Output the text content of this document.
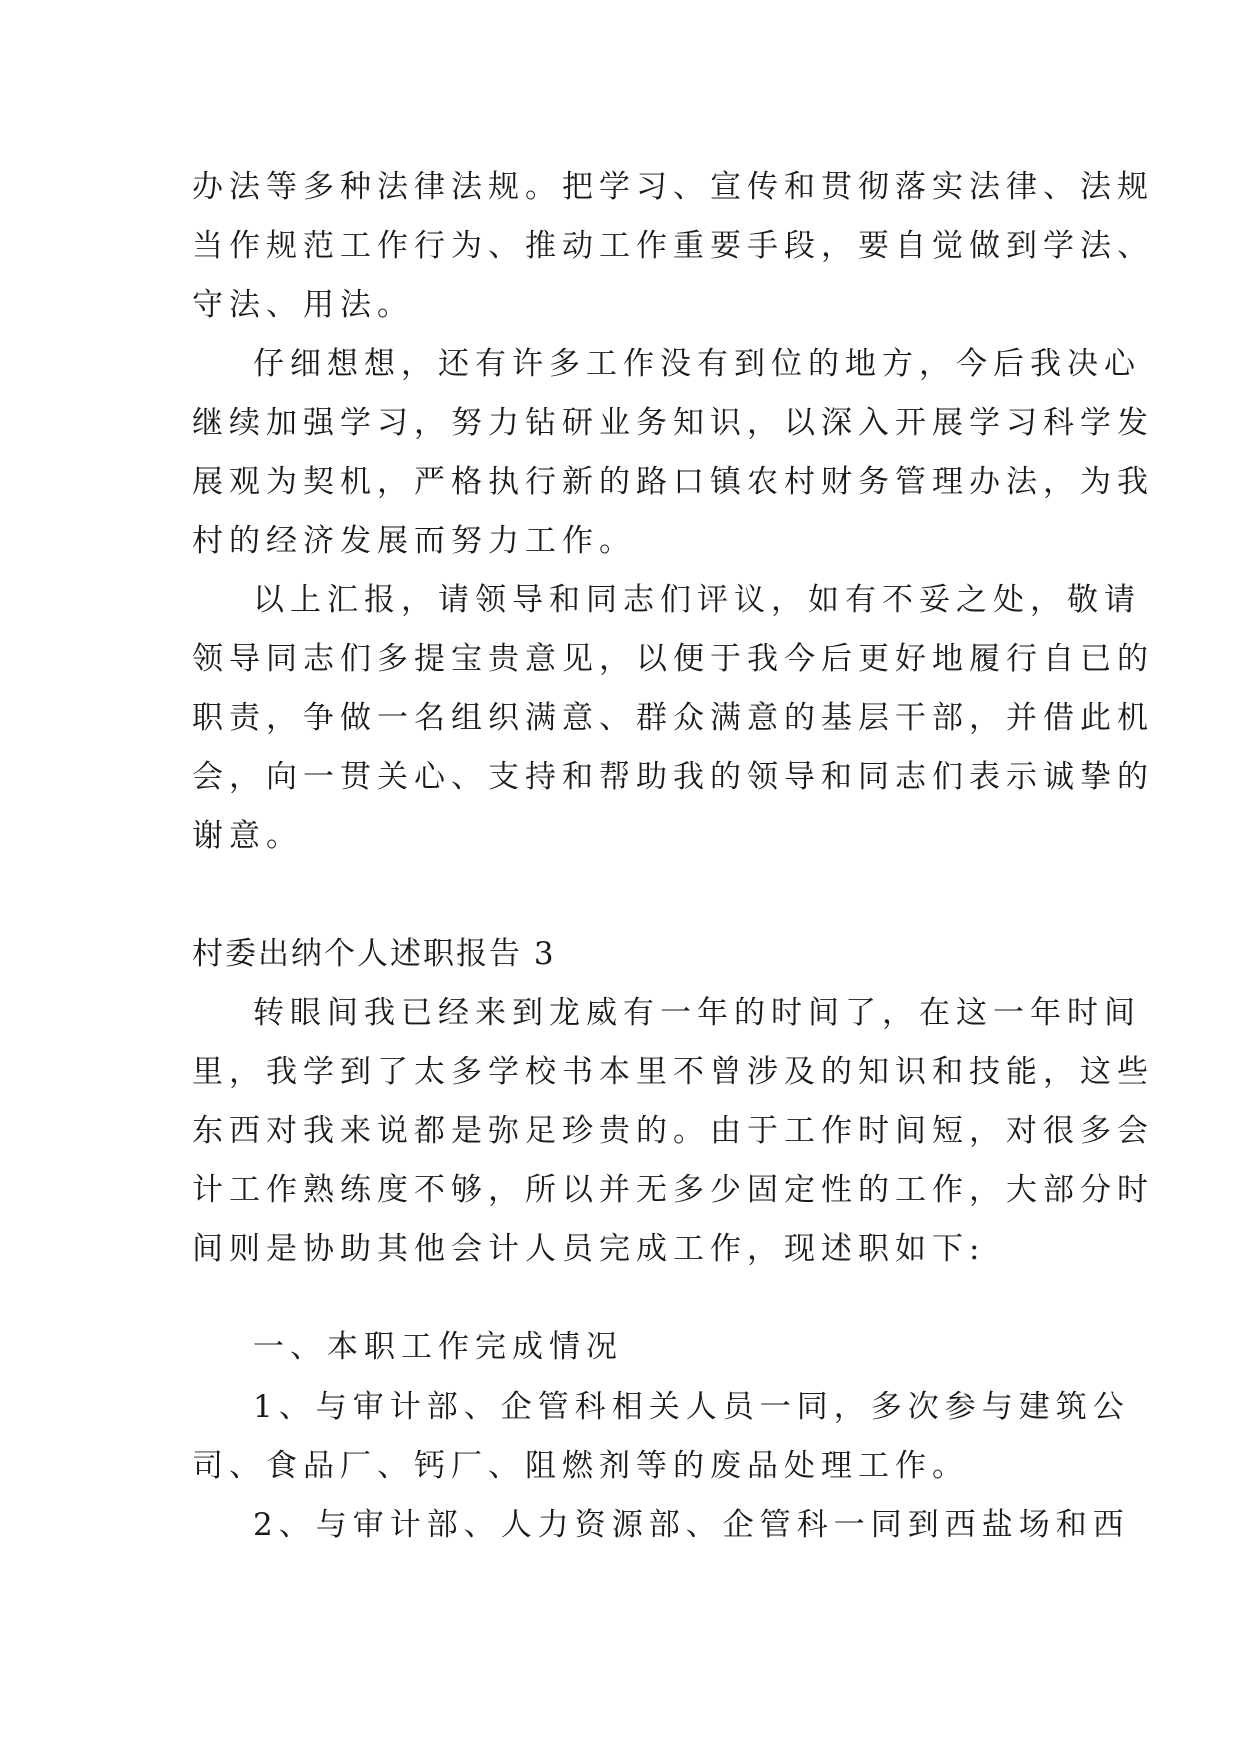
办法等多种法律法规。把学习、宣传和贯彻落实法律、法规
当作规范工作行为、推动工作重要手段，要自觉做到学法、
守法、用法。
仔细想想，还有许多工作没有到位的地方，今后我决心
继续加强学习，努力钻研业务知识，以深入开展学习科学发
展观为契机，严格执行新的路口镇农村财务管理办法，为我
村的经济发展而努力工作。
以上汇报，请领导和同志们评议，如有不妥之处，敬请
领导同志们多提宝贵意见，以便于我今后更好地履行自已的
职责，争做一名组织满意、群众满意的基层干部，并借此机
会，向一贯关心、支持和帮助我的领导和同志们表示诚挚的
谢意。
村委出纳个人述职报告 3
转眼间我已经来到龙威有一年的时间了，在这一年时间
里，我学到了太多学校书本里不曾涉及的知识和技能，这些
东西对我来说都是弥足珍贵的。由于工作时间短，对很多会
计工作熟练度不够，所以并无多少固定性的工作，大部分时
间则是协助其他会计人员完成工作，现述职如下:
一、本职工作完成情况
1、与审计部、企管科相关人员一同，多次参与建筑公
司、食品厂、钙厂、阻燃剂等的废品处理工作。
2、与审计部、人力资源部、企管科一同到西盐场和西
